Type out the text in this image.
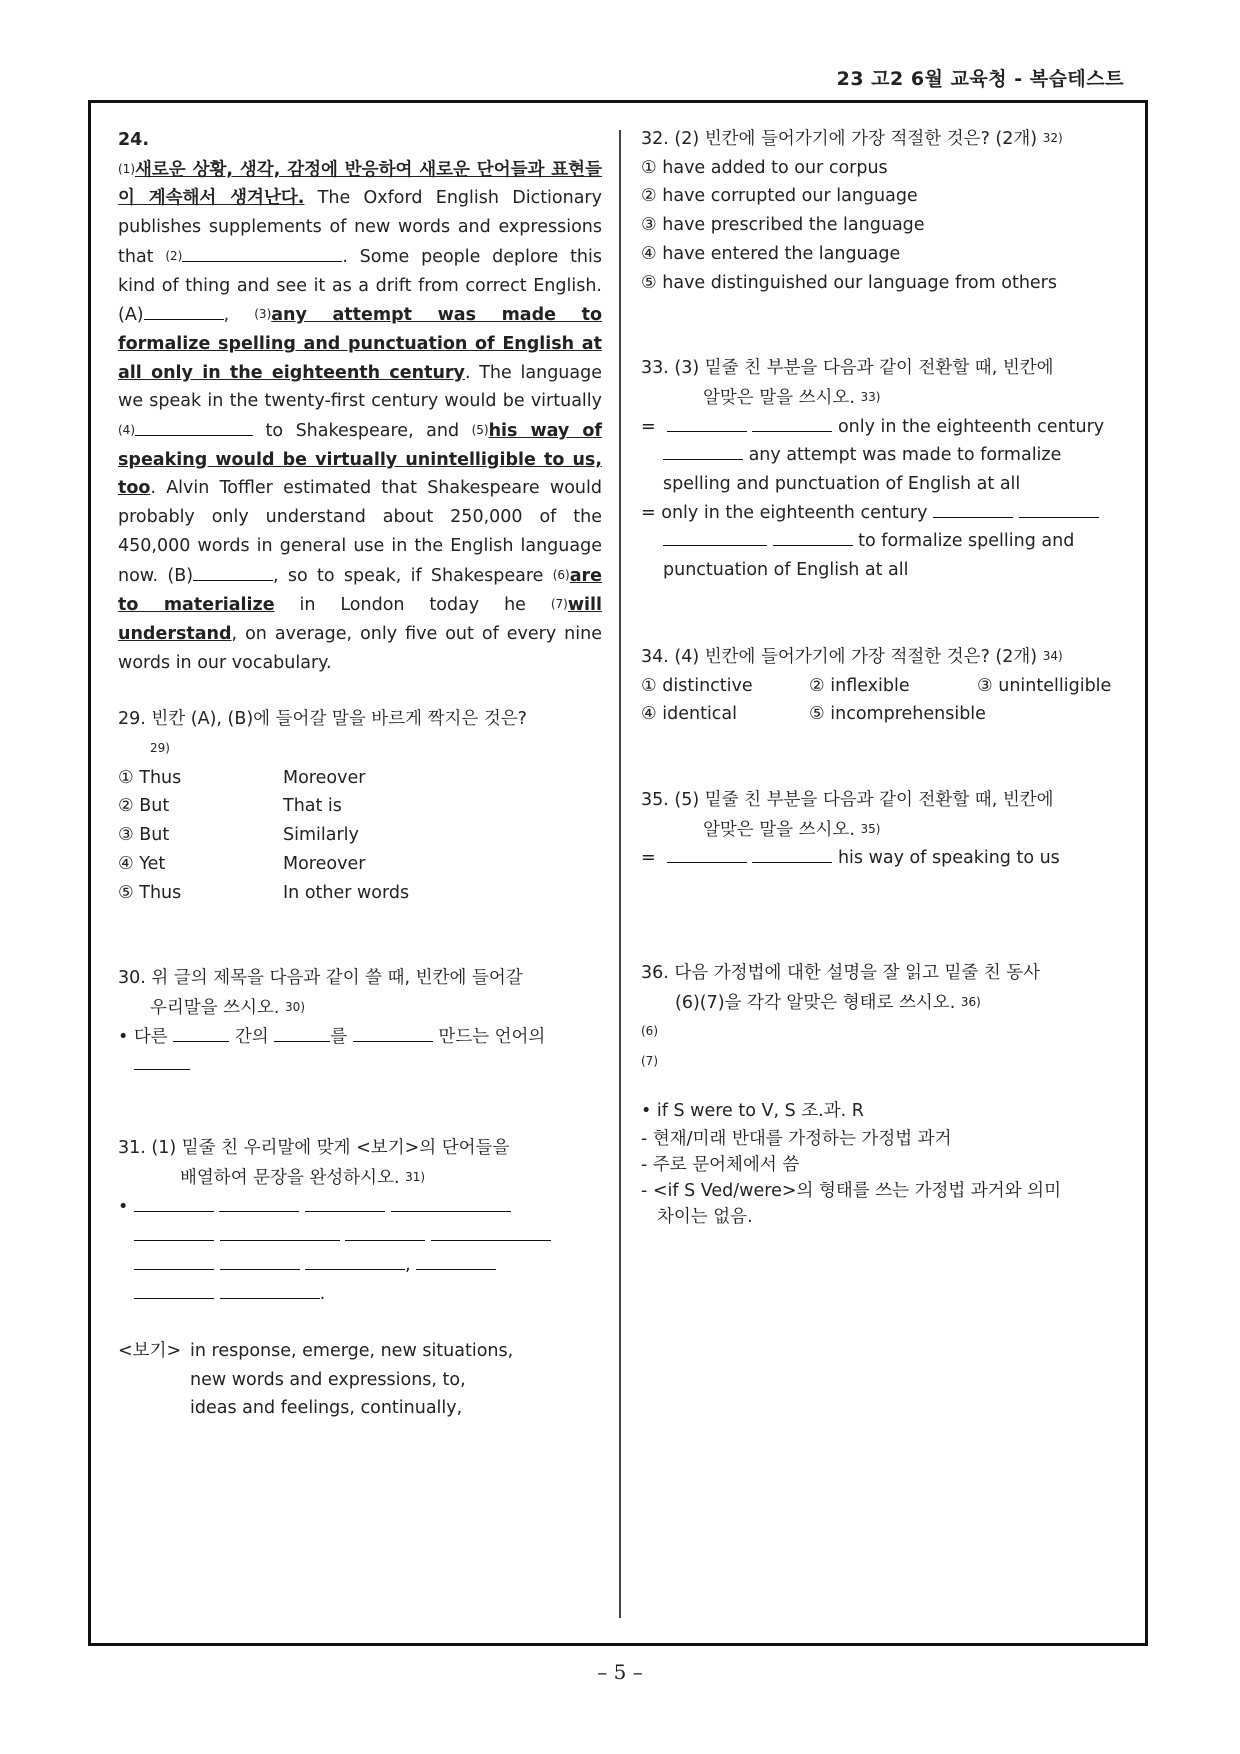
23 고2 6월 교육청 - 복습테스트
24.
(1)새로운 상황, 생각, 감정에 반응하여 새로운 단어들과 표현들이 계속해서 생겨난다. The Oxford English Dictionary publishes supplements of new words and expressions that (2)	. Some people deplore this kind of thing and see it as a drift from correct English. (A)	, (3)any attempt was made to formalize spelling and punctuation of English at all only in the eighteenth century. The language we speak in the twenty-first century would be virtually (4)	to Shakespeare, and (5)his way of speaking would be virtually unintelligible to us, too. Alvin Toffler estimated that Shakespeare would probably only understand about 250,000 of the 450,000 words in general use in the English language now. (B)	, so to speak, if Shakespeare (6)are to materialize in London today he (7)will understand, on average, only five out of every nine words in our vocabulary.
29. 빈칸 (A), (B)에 들어갈 말을 바르게 짝지은 것은?
29)
① Thus	Moreover
② But	That is
③ But	Similarly
④ Yet	Moreover
⑤ Thus	In other words
30. 위 글의 제목을 다음과 같이 쓸 때, 빈칸에 들어갈
우리말을 쓰시오. 30)
• 다른	간의	를	만드는 언어의
31. (1) 밑줄 친 우리말에 맞게 <보기>의 단어들을
배열하여 문장을 완성하시오. 31)
•

,
.
<보기> in response, emerge, new situations,
new words and expressions, to,
ideas and feelings, continually,
32. (2) 빈칸에 들어가기에 가장 적절한 것은? (2개) 32)
① have added to our corpus
② have corrupted our language
③ have prescribed the language
④ have entered the language
⑤ have distinguished our language from others
33. (3) 밑줄 친 부분을 다음과 같이 전환할 때, 빈칸에
알맞은 말을 쓰시오. 33)
=	only in the eighteenth century
any attempt was made to formalize
spelling and punctuation of English at all
= only in the eighteenth century
to formalize spelling and
punctuation of English at all
34. (4) 빈칸에 들어가기에 가장 적절한 것은? (2개) 34)
① distinctive	② inflexible	③ unintelligible
④ identical	⑤ incomprehensible
35. (5) 밑줄 친 부분을 다음과 같이 전환할 때, 빈칸에
알맞은 말을 쓰시오. 35)
=	his way of speaking to us
36. 다음 가정법에 대한 설명을 잘 읽고 밑줄 친 동사
(6)(7)을 각각 알맞은 형태로 쓰시오. 36)
(6)
(7)
• if S were to V, S 조.과. R
- 현재/미래 반대를 가정하는 가정법 과거
- 주로 문어체에서 씀
- <if S Ved/were>의 형태를 쓰는 가정법 과거와 의미
차이는 없음.
– 5 –
